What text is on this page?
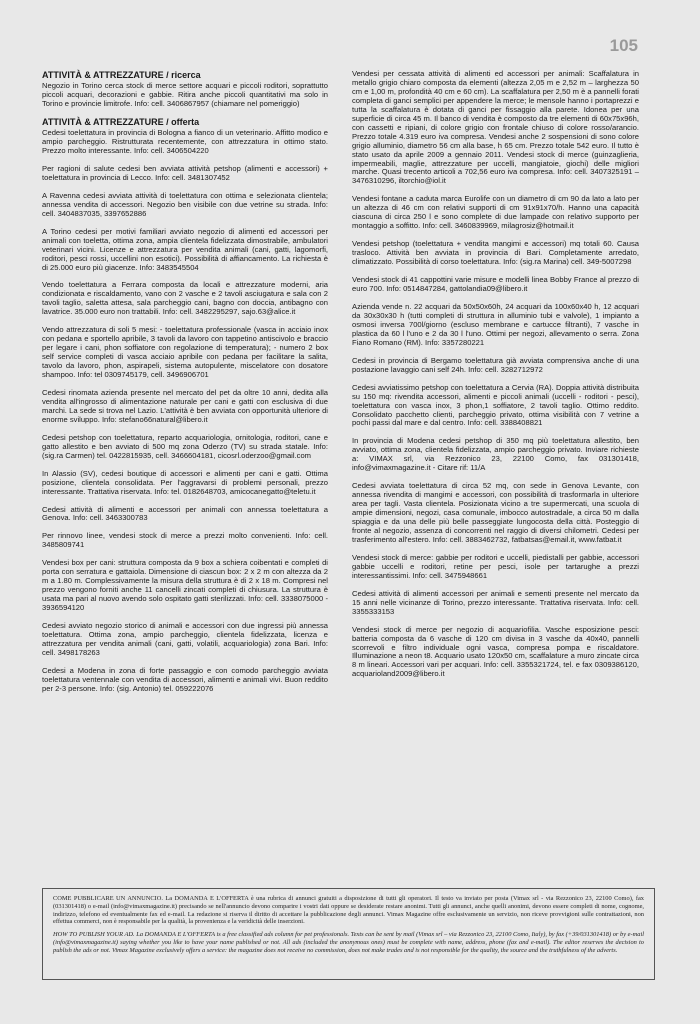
105
ATTIVITÀ & ATTREZZATURE / ricerca
Negozio in Torino cerca stock di merce settore acquari e piccoli roditori, soprattutto piccoli acquari, decorazioni e gabbie. Ritira anche piccoli quantitativi ma solo in Torino e provincie limitrofe. Info: cell. 3406867957 (chiamare nel pomeriggio)
ATTIVITÀ & ATTREZZATURE / offerta
Cedesi toelettatura in provincia di Bologna a fianco di un veterinario. Affitto modico e ampio parcheggio. Ristrutturata recentemente, con attrezzatura in ottimo stato. Prezzo molto interessante. Info: cell. 3406504220
Per ragioni di salute cedesi ben avviata attività petshop (alimenti e accessori) + toelettatura in provincia di Lecco. Info: cell. 3481307452
A Ravenna cedesi avviata attività di toelettatura con ottima e selezionata clientela; annessa vendita di accessori. Negozio ben visibile con due vetrine su strada. Info: cell. 3404837035, 3397652886
A Torino cedesi per motivi familiari avviato negozio di alimenti ed accessori per animali con toeletta, ottima zona, ampia clientela fidelizzata dimostrabile, ambulatori veterinari vicini. Licenze e attrezzatura per vendita animali (cani, gatti, lagomorfi, roditori, pesci rossi, uccellini non esotici). Possibilità di affiancamento. La richiesta è di 25.000 euro più giacenze. Info: 3483545504
Vendo toelettatura a Ferrara composta da locali e attrezzature moderni, aria condizionata e riscaldamento, vano con 2 vasche e 2 tavoli asciugatura e sala con 2 tavoli taglio, saletta attesa, sala parcheggio cani, bagno con doccia, antibagno con lavatrice. 35.000 euro non trattabili. Info: cell. 3482295297, sajo.63@alice.it
Vendo attrezzatura di soli 5 mesi: - toelettatura professionale (vasca in acciaio inox con pedana e sportello apribile, 3 tavoli da lavoro con tappetino antiscivolo e braccio per legare i cani, phon soffiatore con regolazione di temperatura); - numero 2 box self service completi di vasca acciaio apribile con pedana per facilitare la salita, tavolo da lavoro, phon, aspirapeli, sistema autopulente, miscelatore con dosatore shampoo. Info: tel 0309745179, cell. 3496906701
Cedesi rinomata azienda presente nel mercato del pet da oltre 10 anni, dedita alla vendita all'ingrosso di alimentazione naturale per cani e gatti con esclusiva di due marchi. La sede si trova nel Lazio. L'attività è ben avviata con opportunità ulteriore di enorme sviluppo. Info: stefano66natural@libero.it
Cedesi petshop con toelettatura, reparto acquariologia, ornitologia, roditori, cane e gatto allestito e ben avviato di 500 mq zona Oderzo (TV) su strada statale. Info: (sig.ra Carmen) tel. 0422815935, cell. 3466604181, cicosrl.oderzoo@gmail.com
In Alassio (SV), cedesi boutique di accessori e alimenti per cani e gatti. Ottima posizione, clientela consolidata. Per l'aggravarsi di problemi personali, prezzo interessante. Trattativa riservata. Info: tel. 0182648703, amicocanegatto@teletu.it
Cedesi attività di alimenti e accessori per animali con annessa toelettatura a Genova. Info: cell. 3463300783
Per rinnovo linee, vendesi stock di merce a prezzi molto convenienti. Info: cell. 3485809741
Vendesi box per cani: struttura composta da 9 box a schiera coibentati e completi di porta con serratura e gattaiola. Dimensione di ciascun box: 2 x 2 m con altezza da 2 m a 1.80 m. Complessivamente la misura della struttura è di 2 x 18 m. Compresi nel prezzo vengono forniti anche 11 cancelli zincati completi di chiusura. La struttura è usata ma pari al nuovo avendo solo ospitato gatti sterilizzati. Info: cell. 3338075000 - 3936594120
Cedesi avviato negozio storico di animali e accessori con due ingressi più annessa toelettatura. Ottima zona, ampio parcheggio, clientela fidelizzata, licenza e attrezzatura per vendita animali (cani, gatti, volatili, acquariologia) zona Bari. Info: cell. 3498178263
Cedesi a Modena in zona di forte passaggio e con comodo parcheggio avviata toelettatura ventennale con vendita di accessori, alimenti e animali vivi. Buon reddito per 2-3 persone. Info: (sig. Antonio) tel. 059222076
Vendesi per cessata attività di alimenti ed accessori per animali: Scaffalatura in metallo grigio chiaro composta da elementi (altezza 2,05 m e 2,52 m – larghezza 50 cm e 1,00 m, profondità 40 cm e 60 cm). La scaffalatura per 2,50 m è a pannelli forati completa di ganci semplici per appendere la merce; le mensole hanno i portaprezzi e tutta la scaffalatura è dotata di ganci per fissaggio alla parete. Idonea per una superficie di circa 45 m. Il banco di vendita è composto da tre elementi di 60x75x96h, con cassetti e ripiani, di colore grigio con frontale chiuso di colore rosso/arancio. Prezzo totale 4.319 euro iva compresa. Vendesi anche 2 sospensioni di sono colore grigio alluminio, diametro 56 cm alla base, h 65 cm. Prezzo totale 542 euro. Il tutto è stato usato da aprile 2009 a gennaio 2011. Vendesi stock di merce (guinzaglieria, impermeabili, maglie, attrezzature per uccelli, mangiatoie, giochi) delle migliori marche. Quasi trecento articoli a 702,56 euro iva compresa. Info: cell. 3407325191 – 3476310296, iltorchio@iol.it
Vendesi fontane a caduta marca Eurolife con un diametro di cm 90 da lato a lato per un altezza di 46 cm con relativi supporti di cm 91x91x70/h. Hanno una capacità ciascuna di circa 250 l e sono complete di due lampade con relativo supporto per montaggio a soffitto. Info: cell. 3460839969, milagrosiz@hotmail.it
Vendesi petshop (toelettatura + vendita mangimi e accessori) mq totali 60. Causa trasloco. Attività ben avviata in provincia di Bari. Completamente arredato, climatizzato. Possibilità di corso toelettatura. Info: (sig.ra Marina) cell. 349-5007298
Vendesi stock di 41 cappottini varie misure e modelli linea Bobby France al prezzo di euro 700. Info: 0514847284, gattolandia09@libero.it
Azienda vende n. 22 acquari da 50x50x60h, 24 acquari da 100x60x40 h, 12 acquari da 30x30x30 h (tutti completi di struttura in alluminio tubi e valvole), 1 impianto a osmosi inversa 700l/giorno (escluso membrane e cartucce filtranti), 7 vasche in plastica da 60 l l'uno e 2 da 30 l l'uno. Ottimi per negozi, allevamento o serra. Zona Fiano Romano (RM). Info: 3357280221
Cedesi in provincia di Bergamo toelettatura già avviata comprensiva anche di una postazione lavaggio cani self 24h. Info: cell. 3282712972
Cedesi avviatissimo petshop con toelettatura a Cervia (RA). Doppia attività distribuita su 150 mq: rivendita accessori, alimenti e piccoli animali (uccelli - roditori - pesci), toelettatura con vasca inox, 3 phon,1 soffiatore, 2 tavoli taglio. Ottimo reddito. Consolidato pacchetto clienti, parcheggio privato, ottima visibilità con 7 vetrine a pochi passi dal mare e dal centro. Info: cell. 3388408821
In provincia di Modena cedesi petshop di 350 mq più toelettatura allestito, ben avviato, ottima zona, clientela fidelizzata, ampio parcheggio privato. Inviare richieste a: VIMAX srl, via Rezzonico 23, 22100 Como, fax 031301418, info@vimaxmagazine.it - Citare rif: 11/A
Cedesi avviata toelettatura di circa 52 mq, con sede in Genova Levante, con annessa rivendita di mangimi e accessori, con possibilità di trasformarla in ulteriore area per tagli. Vasta clientela. Posizionata vicino a tre supermercati, una scuola di ampie dimensioni, negozi, casa comunale, imbocco autostradale, a circa 50 m dalla spiaggia e da una delle più belle passeggiate lungocosta della città. Posteggio di fronte al negozio, assenza di concorrenti nel raggio di diversi chilometri. Cedesi per trasferimento all'estero. Info: cell. 3883462732, fatbatsas@email.it, www.fatbat.it
Vendesi stock di merce: gabbie per roditori e uccelli, piedistalli per gabbie, accessori gabbie uccelli e roditori, retine per pesci, isole per tartarughe a prezzi interessantissimi. Info: cell. 3475948661
Cedesi attività di alimenti accessori per animali e sementi presente nel mercato da 15 anni nelle vicinanze di Torino, prezzo interessante. Trattativa riservata. Info: cell. 3355333153
Vendesi stock di merce per negozio di acquariofilia. Vasche esposizione pesci: batteria composta da 6 vasche di 120 cm divisa in 3 vasche da 40x40, pannelli scorrevoli e filtro individuale ogni vasca, compresa pompa e riscaldatore. Illuminazione a neon t8. Acquario usato 120x50 cm, scaffalature a muro zincate circa 8 m lineari. Accessori vari per acquari. Info: cell. 3355321724, tel. e fax 0309386120, acquarioland2009@libero.it

COME PUBBLICARE UN ANNUNCIO. La DOMANDA E L'OFFERTA è una rubrica di annunci gratuiti a disposizione di tutti gli operatori. Il testo va inviato per posta (Vimax srl - via Rezzonico 23, 22100 Como), fax (031301418) o e-mail (info@vimaxmagazine.it) precisando se nell'annuncio devono comparire i vostri dati oppure se desiderate restare anonimi. Tutti gli annunci, anche quelli anonimi, devono essere completi di nome, cognome, indirizzo, telefono ed eventualmente fax ed e-mail. La redazione si riserva il diritto di accettare la pubblicazione degli annunci. Vimax Magazine offre esclusivamente un servizio, non riceve provvigioni sulle contrattazioni, non effettua commerci, non è responsabile per la qualità, la provenienza e la veridicità delle inserzioni.

HOW TO PUBLISH YOUR AD. La DOMANDA E L'OFFERTA is a free classified ads column for pet professionals. Texts can be sent by mail (Vimax srl – via Rezzonico 23, 22100 Como, Italy), by fax (+39/031301418) or by e-mail (info@vimaxmagazine.it) saying whether you like to have your name published or not. All ads (included the anonymous ones) must be complete with name, address, phone (fax and e-mail). The editor reserves the decision to publish the ads or not. Vimax Magazine exclusively offers a service: the magazine does not receive no commission, does not make trades and is not responsible for the quality, the source and the truthfulness of the adverts.
